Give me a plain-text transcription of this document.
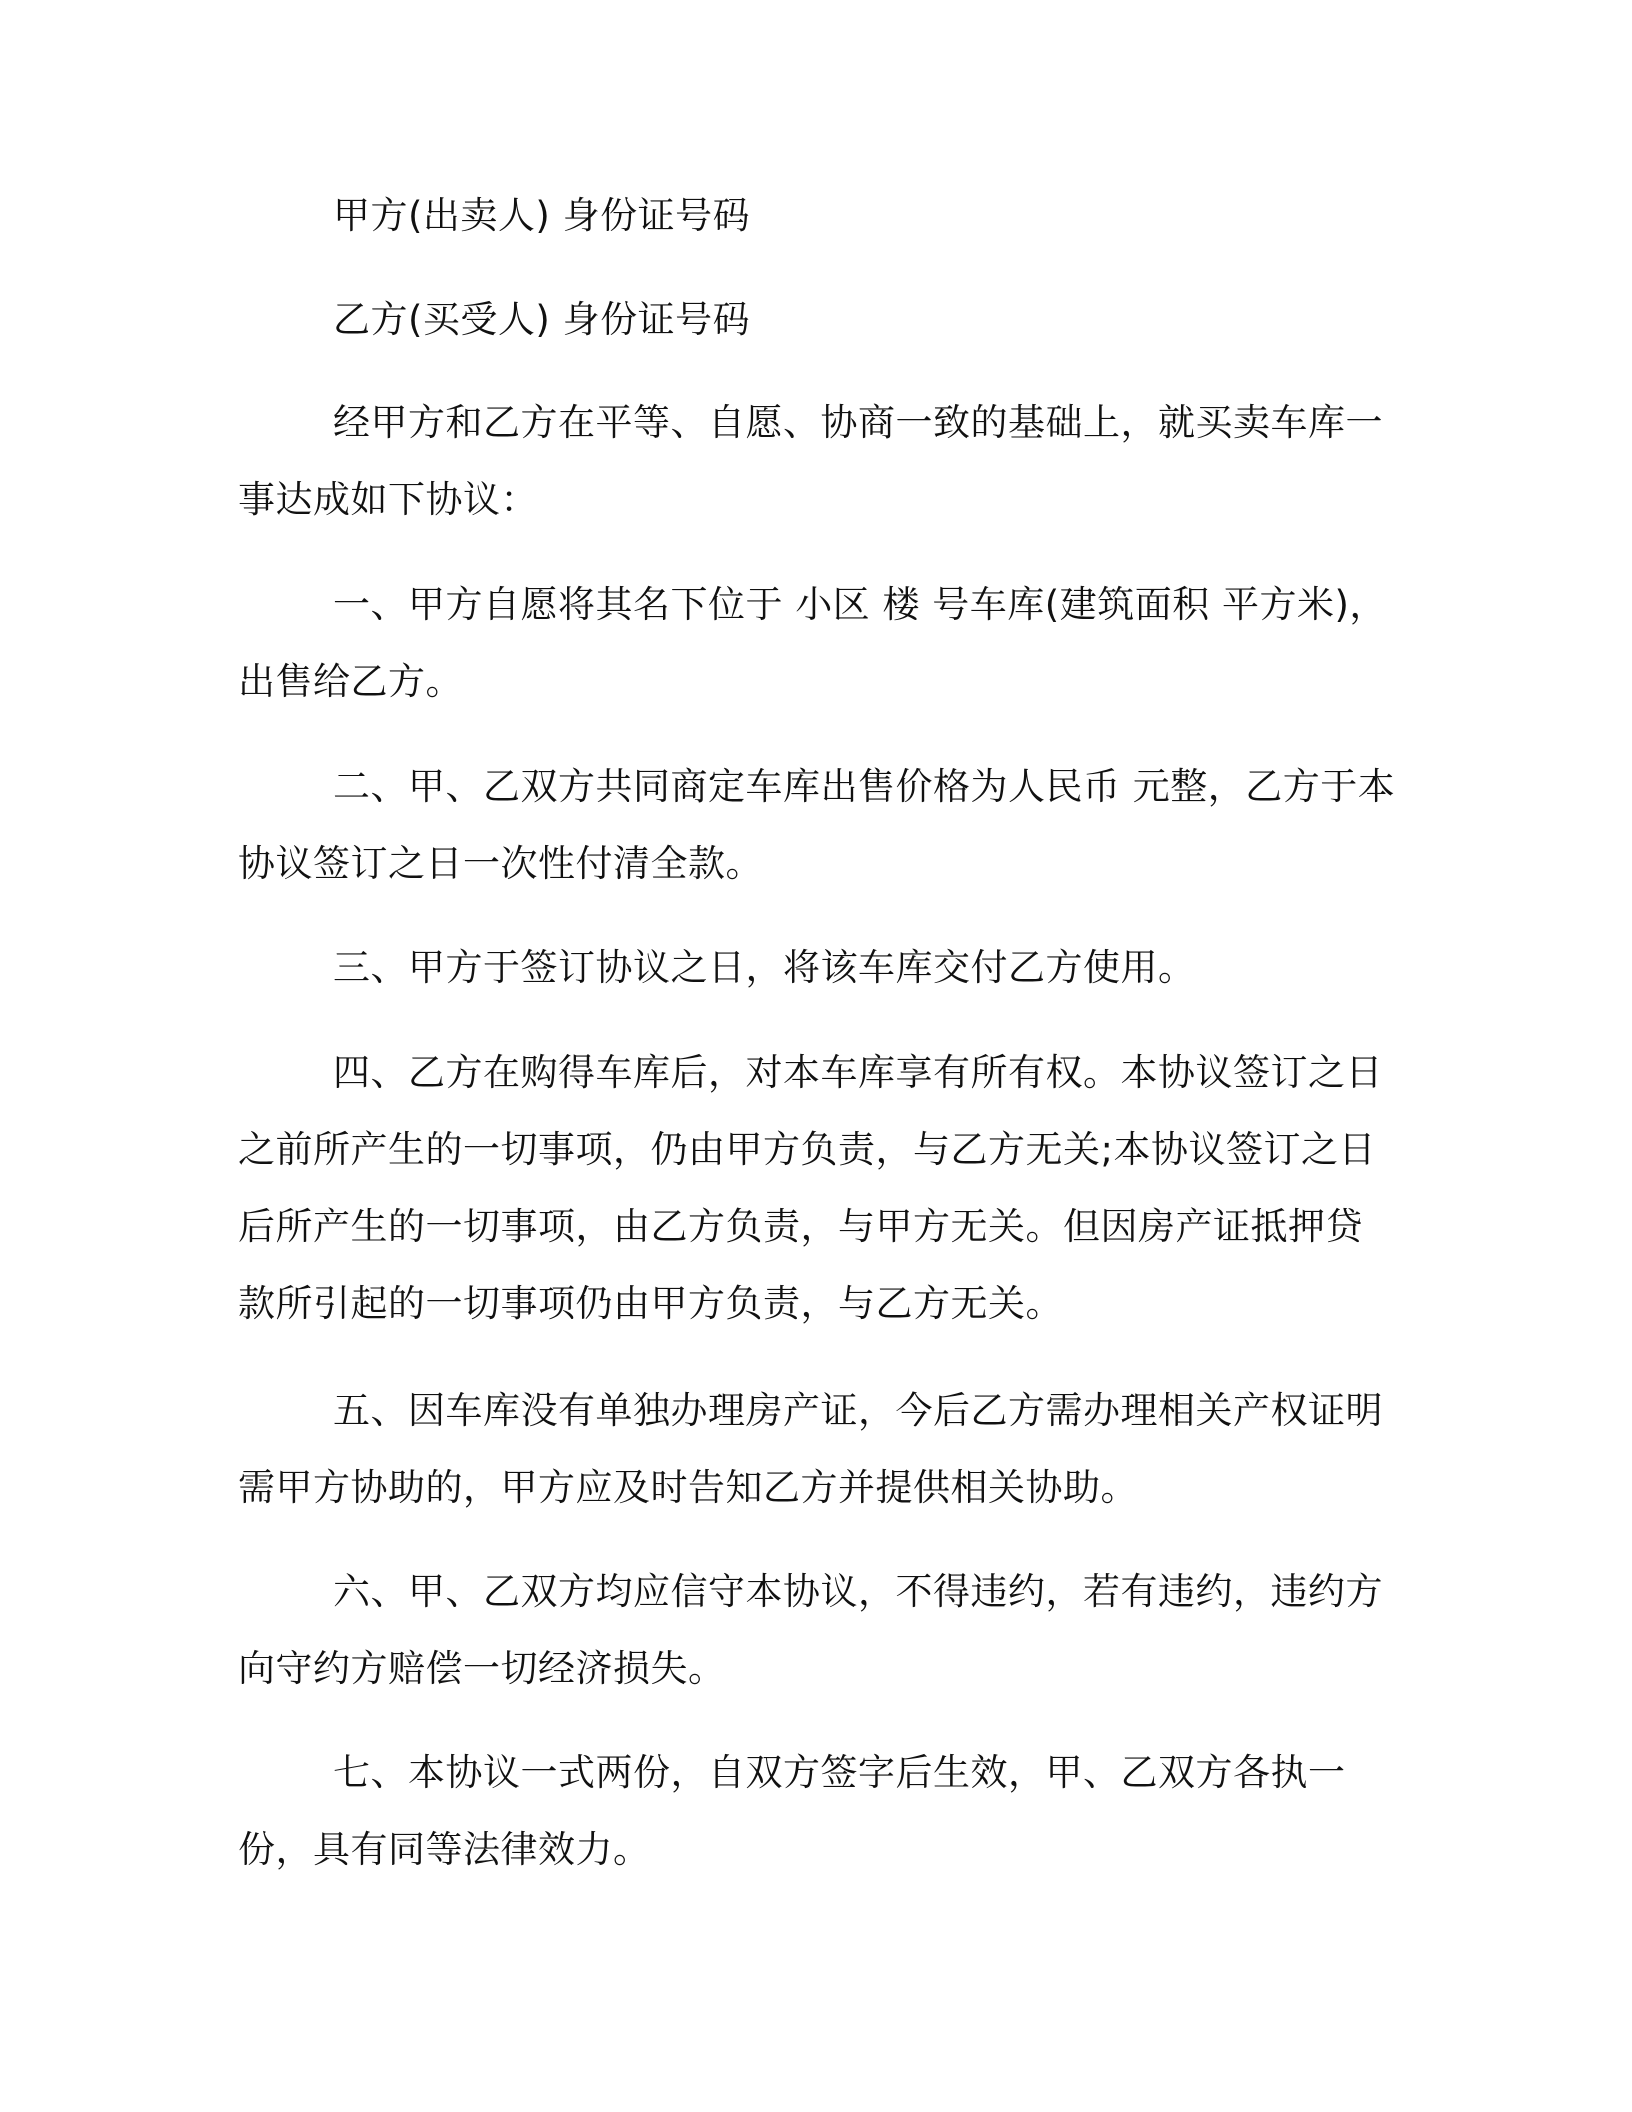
甲方(出卖人) 身份证号码
乙方(买受人) 身份证号码

经甲方和乙方在平等、自愿、协商一致的基础上，就买卖车库一事达成如下协议：

一、甲方自愿将其名下位于 小区 楼 号车库(建筑面积 平方米)，出售给乙方。

二、甲、乙双方共同商定车库出售价格为人民币 元整，乙方于本协议签订之日一次性付清全款。

三、甲方于签订协议之日，将该车库交付乙方使用。

四、乙方在购得车库后，对本车库享有所有权。本协议签订之日之前所产生的一切事项，仍由甲方负责，与乙方无关;本协议签订之日后所产生的一切事项，由乙方负责，与甲方无关。但因房产证抵押贷款所引起的一切事项仍由甲方负责，与乙方无关。

五、因车库没有单独办理房产证，今后乙方需办理相关产权证明需甲方协助的，甲方应及时告知乙方并提供相关协助。

六、甲、乙双方均应信守本协议，不得违约，若有违约，违约方向守约方赔偿一切经济损失。

七、本协议一式两份，自双方签字后生效，甲、乙双方各执一份，具有同等法律效力。
